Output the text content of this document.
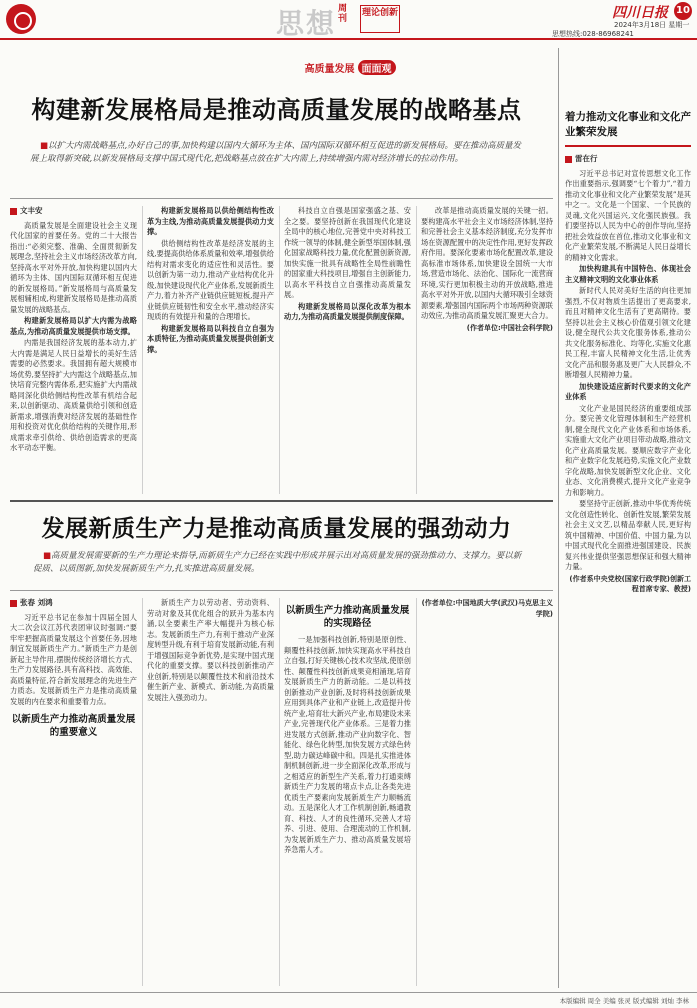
思想 周刊
理论创新	四川日报 10
2024年3月18日 星期一
思想热线:028-86968241
高质量发展 面面观
构建新发展格局是推动高质量发展的战略基点
■以扩大内需战略基点,办好自己的事,加快构建以国内大循环为主体、国内国际双循环相互促进的新发展格局。要在推动高质量发展上取得新突破,以新发展格局支撑中国式现代化,把战略基点放在扩大内需上,持续增强内需对经济增长的拉动作用。

文丰安

高质量发展是全面建设社会主义现代化国家的首要任务。党的二十大报告指出:“必须完整、准确、全面贯彻新发展理念,坚持社会主义市场经济改革方向,坚持高水平对外开放,加快构建以国内大循环为主体、国内国际双循环相互促进的新发展格局。”新发展格局与高质量发展相辅相成,构建新发展格局是推动高质量发展的战略基点。

构建新发展格局以扩大内需为战略基点,为推动高质量发展提供市场支撑。

内需是我国经济发展的基本动力,扩大内需是满足人民日益增长的美好生活需要的必然要求。我国拥有超大规模市场优势,要坚持扩大内需这个战略基点,加快培育完整内需体系,把实施扩大内需战略同深化供给侧结构性改革有机结合起来,以创新驱动、高质量供给引领和创造新需求,增强消费对经济发展的基础性作用和投资对优化供给结构的关键作用,形成需求牵引供给、供给创造需求的更高水平动态平衡。

构建新发展格局以供给侧结构性改革为主线,为推动高质量发展提供动力支撑。

供给侧结构性改革是经济发展的主线,要提高供给体系质量和效率,增强供给结构对需求变化的适应性和灵活性。要以创新为第一动力,推动产业结构优化升级,加快建设现代化产业体系,发展新质生产力,着力补齐产业链供应链短板,提升产业链供应链韧性和安全水平,推动经济实现质的有效提升和量的合理增长。

构建新发展格局以科技自立自强为本质特征,为推动高质量发展提供创新支撑。

科技自立自强是国家强盛之基、安全之要。要坚持创新在我国现代化建设全局中的核心地位,完善党中央对科技工作统一领导的体制,健全新型举国体制,强化国家战略科技力量,优化配置创新资源,加快实施一批具有战略性全局性前瞻性的国家重大科技项目,增强自主创新能力,以高水平科技自立自强推动高质量发展。

构建新发展格局以深化改革为根本动力,为推动高质量发展提供制度保障。

改革是推动高质量发展的关键一招。要构建高水平社会主义市场经济体制,坚持和完善社会主义基本经济制度,充分发挥市场在资源配置中的决定性作用,更好发挥政府作用。要深化要素市场化配置改革,建设高标准市场体系,加快建设全国统一大市场,营造市场化、法治化、国际化一流营商环境,实行更加积极主动的开放战略,推进高水平对外开放,以国内大循环吸引全球资源要素,增强国内国际两个市场两种资源联动效应,为推动高质量发展汇聚更大合力。

(作者单位:中国社会科学院)

发展新质生产力是推动高质量发展的强劲动力
■高质量发展需要新的生产力理论来指导,而新质生产力已经在实践中形成并展示出对高质量发展的强劲推动力、支撑力。要以新促质、以质图新,加快发展新质生产力,扎实推进高质量发展。

张春 刘鸿

习近平总书记在参加十四届全国人大二次会议江苏代表团审议时强调:“要牢牢把握高质量发展这个首要任务,因地制宜发展新质生产力。”新质生产力是创新起主导作用,摆脱传统经济增长方式、生产力发展路径,具有高科技、高效能、高质量特征,符合新发展理念的先进生产力质态。发展新质生产力是推动高质量发展的内在要求和重要着力点。

以新质生产力推动高质量发展的重要意义

新质生产力以劳动者、劳动资料、劳动对象及其优化组合的跃升为基本内涵,以全要素生产率大幅提升为核心标志。发展新质生产力,有利于推动产业深度转型升级,有利于培育发展新动能,有利于增强国际竞争新优势,是实现中国式现代化的重要支撑。要以科技创新推动产业创新,特别是以颠覆性技术和前沿技术催生新产业、新模式、新动能,为高质量发展注入强劲动力。

以新质生产力推动高质量发展的实现路径

一是加强科技创新,特别是原创性、颠覆性科技创新,加快实现高水平科技自立自强,打好关键核心技术攻坚战,使原创性、颠覆性科技创新成果竞相涌现,培育发展新质生产力的新动能。二是以科技创新推动产业创新,及时将科技创新成果应用到具体产业和产业链上,改造提升传统产业,培育壮大新兴产业,布局建设未来产业,完善现代化产业体系。三是着力推进发展方式创新,推动产业向数字化、智能化、绿色化转型,加快发展方式绿色转型,助力碳达峰碳中和。四是扎实推进体制机制创新,进一步全面深化改革,形成与之相适应的新型生产关系,着力打通束缚新质生产力发展的堵点卡点,让各类先进优质生产要素向发展新质生产力顺畅流动。五是深化人才工作机制创新,畅通教育、科技、人才的良性循环,完善人才培养、引进、使用、合理流动的工作机制,为发展新质生产力、推动高质量发展培养急需人才。

(作者单位:中国地质大学(武汉)马克思主义学院)

着力推动文化事业和文化产业繁荣发展

雷在行

习近平总书记对宣传思想文化工作作出重要指示,强调要“七个着力”,“着力推动文化事业和文化产业繁荣发展”是其中之一。文化是一个国家、一个民族的灵魂,文化兴国运兴,文化强民族强。我们要坚持以人民为中心的创作导向,坚持把社会效益放在首位,推动文化事业和文化产业繁荣发展,不断满足人民日益增长的精神文化需求。

加快构建具有中国特色、体现社会主义精神文明的文化事业体系

新时代人民对美好生活的向往更加强烈,不仅对物质生活提出了更高要求,而且对精神文化生活有了更高期待。要坚持以社会主义核心价值观引领文化建设,健全现代公共文化服务体系,推动公共文化服务标准化、均等化,实施文化惠民工程,丰富人民精神文化生活,让优秀文化产品和服务惠及更广大人民群众,不断增强人民精神力量。

加快建设适应新时代要求的文化产业体系

文化产业是国民经济的重要组成部分。要完善文化管理体制和生产经营机制,健全现代文化产业体系和市场体系,实施重大文化产业项目带动战略,推动文化产业高质量发展。要顺应数字产业化和产业数字化发展趋势,实施文化产业数字化战略,加快发展新型文化企业、文化业态、文化消费模式,提升文化产业竞争力和影响力。

要坚持守正创新,推动中华优秀传统文化创造性转化、创新性发展,繁荣发展社会主义文艺,以精品奉献人民,更好构筑中国精神、中国价值、中国力量,为以中国式现代化全面推进强国建设、民族复兴伟业提供坚强思想保证和强大精神力量。

(作者系中央党校(国家行政学院)创新工程首席专家、教授)

本版编辑 周全 美编 张灵 版式编辑 刘灿 李林
